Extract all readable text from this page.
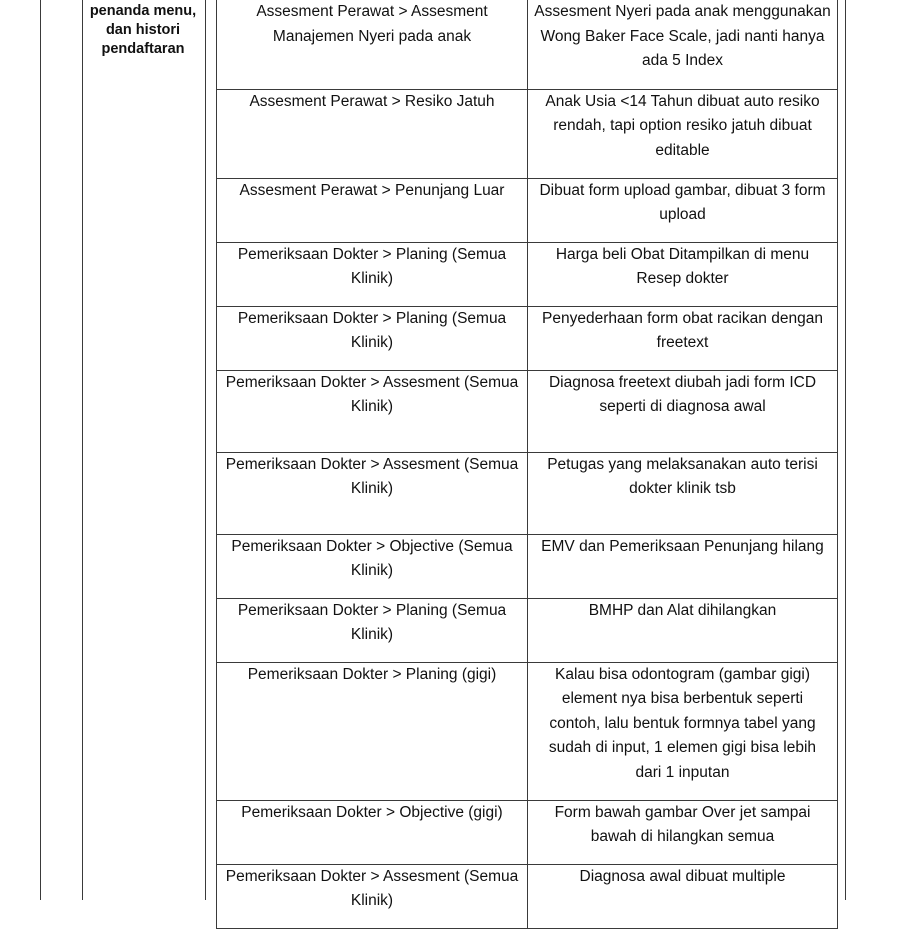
penanda menu,
dan histori
pendaftaran
Assesment Perawat > Assesment Manajemen Nyeri pada anak	Assesment Nyeri pada anak menggunakan Wong Baker Face Scale, jadi nanti hanya ada 5 Index
Assesment Perawat > Resiko Jatuh	Anak Usia <14 Tahun dibuat auto resiko rendah, tapi option resiko jatuh dibuat editable
Assesment Perawat > Penunjang Luar	Dibuat form upload gambar, dibuat 3 form upload
Pemeriksaan Dokter > Planing (Semua Klinik)	Harga beli Obat Ditampilkan di menu Resep dokter
Pemeriksaan Dokter > Planing (Semua Klinik)	Penyederhaan form obat racikan dengan freetext
Pemeriksaan Dokter > Assesment (Semua Klinik)	Diagnosa freetext diubah jadi form ICD seperti di diagnosa awal
Pemeriksaan Dokter > Assesment (Semua Klinik)	Petugas yang melaksanakan auto terisi dokter klinik tsb
Pemeriksaan Dokter > Objective (Semua Klinik)	EMV dan Pemeriksaan Penunjang hilang
Pemeriksaan Dokter > Planing (Semua Klinik)	BMHP dan Alat dihilangkan
Pemeriksaan Dokter > Planing (gigi)	Kalau bisa odontogram (gambar gigi) element nya bisa berbentuk seperti contoh, lalu bentuk formnya tabel yang sudah di input, 1 elemen gigi bisa lebih dari 1 inputan
Pemeriksaan Dokter > Objective (gigi)	Form bawah gambar Over jet sampai bawah di hilangkan semua
Pemeriksaan Dokter > Assesment (Semua Klinik)	Diagnosa awal dibuat multiple
